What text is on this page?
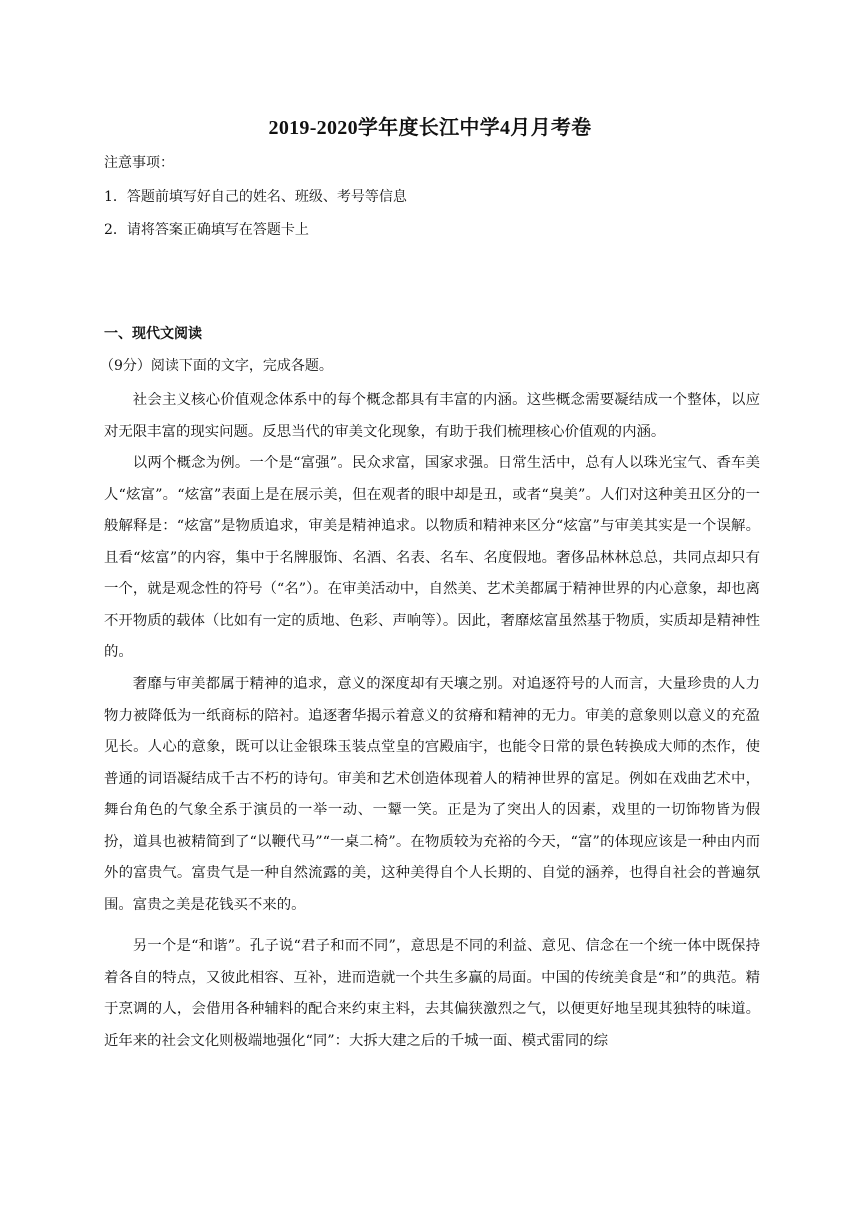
2019-2020学年度长江中学4月月考卷
注意事项：
1．答题前填写好自己的姓名、班级、考号等信息
2．请将答案正确填写在答题卡上
一、现代文阅读
（9分）阅读下面的文字，完成各题。

社会主义核心价值观念体系中的每个概念都具有丰富的内涵。这些概念需要凝结成一个整体，以应对无限丰富的现实问题。反思当代的审美文化现象，有助于我们梳理核心价值观的内涵。

以两个概念为例。一个是“富强”。民众求富，国家求强。日常生活中，总有人以珠光宝气、香车美人“炫富”。“炫富”表面上是在展示美，但在观者的眼中却是丑，或者“臭美”。人们对这种美丑区分的一般解释是：“炫富”是物质追求，审美是精神追求。以物质和精神来区分“炫富”与审美其实是一个误解。且看“炫富”的内容，集中于名牌服饰、名酒、名表、名车、名度假地。奢侈品林林总总，共同点却只有一个，就是观念性的符号（“名”）。在审美活动中，自然美、艺术美都属于精神世界的内心意象，却也离不开物质的载体（比如有一定的质地、色彩、声响等）。因此，奢靡炫富虽然基于物质，实质却是精神性的。

奢靡与审美都属于精神的追求，意义的深度却有天壤之别。对追逐符号的人而言，大量珍贵的人力物力被降低为一纸商标的陪衬。追逐奢华揭示着意义的贫瘠和精神的无力。审美的意象则以意义的充盈见长。人心的意象，既可以让金银珠玉装点堂皇的宫殿庙宇，也能令日常的景色转换成大师的杰作，使普通的词语凝结成千古不朽的诗句。审美和艺术创造体现着人的精神世界的富足。例如在戏曲艺术中，舞台角色的气象全系于演员的一举一动、一颦一笑。正是为了突出人的因素，戏里的一切饰物皆为假扮，道具也被精简到了“以鞭代马”“一桌二椅”。在物质较为充裕的今天，“富”的体现应该是一种由内而外的富贵气。富贵气是一种自然流露的美，这种美得自个人长期的、自觉的涵养，也得自社会的普遍氛围。富贵之美是花钱买不来的。

另一个是“和谐”。孔子说“君子和而不同”，意思是不同的利益、意见、信念在一个统一体中既保持着各自的特点，又彼此相容、互补，进而造就一个共生多赢的局面。中国的传统美食是“和”的典范。精于烹调的人，会借用各种辅料的配合来约束主料，去其偏狭激烈之气，以便更好地呈现其独特的味道。近年来的社会文化则极端地强化“同”：大拆大建之后的千城一面、模式雷同的综
